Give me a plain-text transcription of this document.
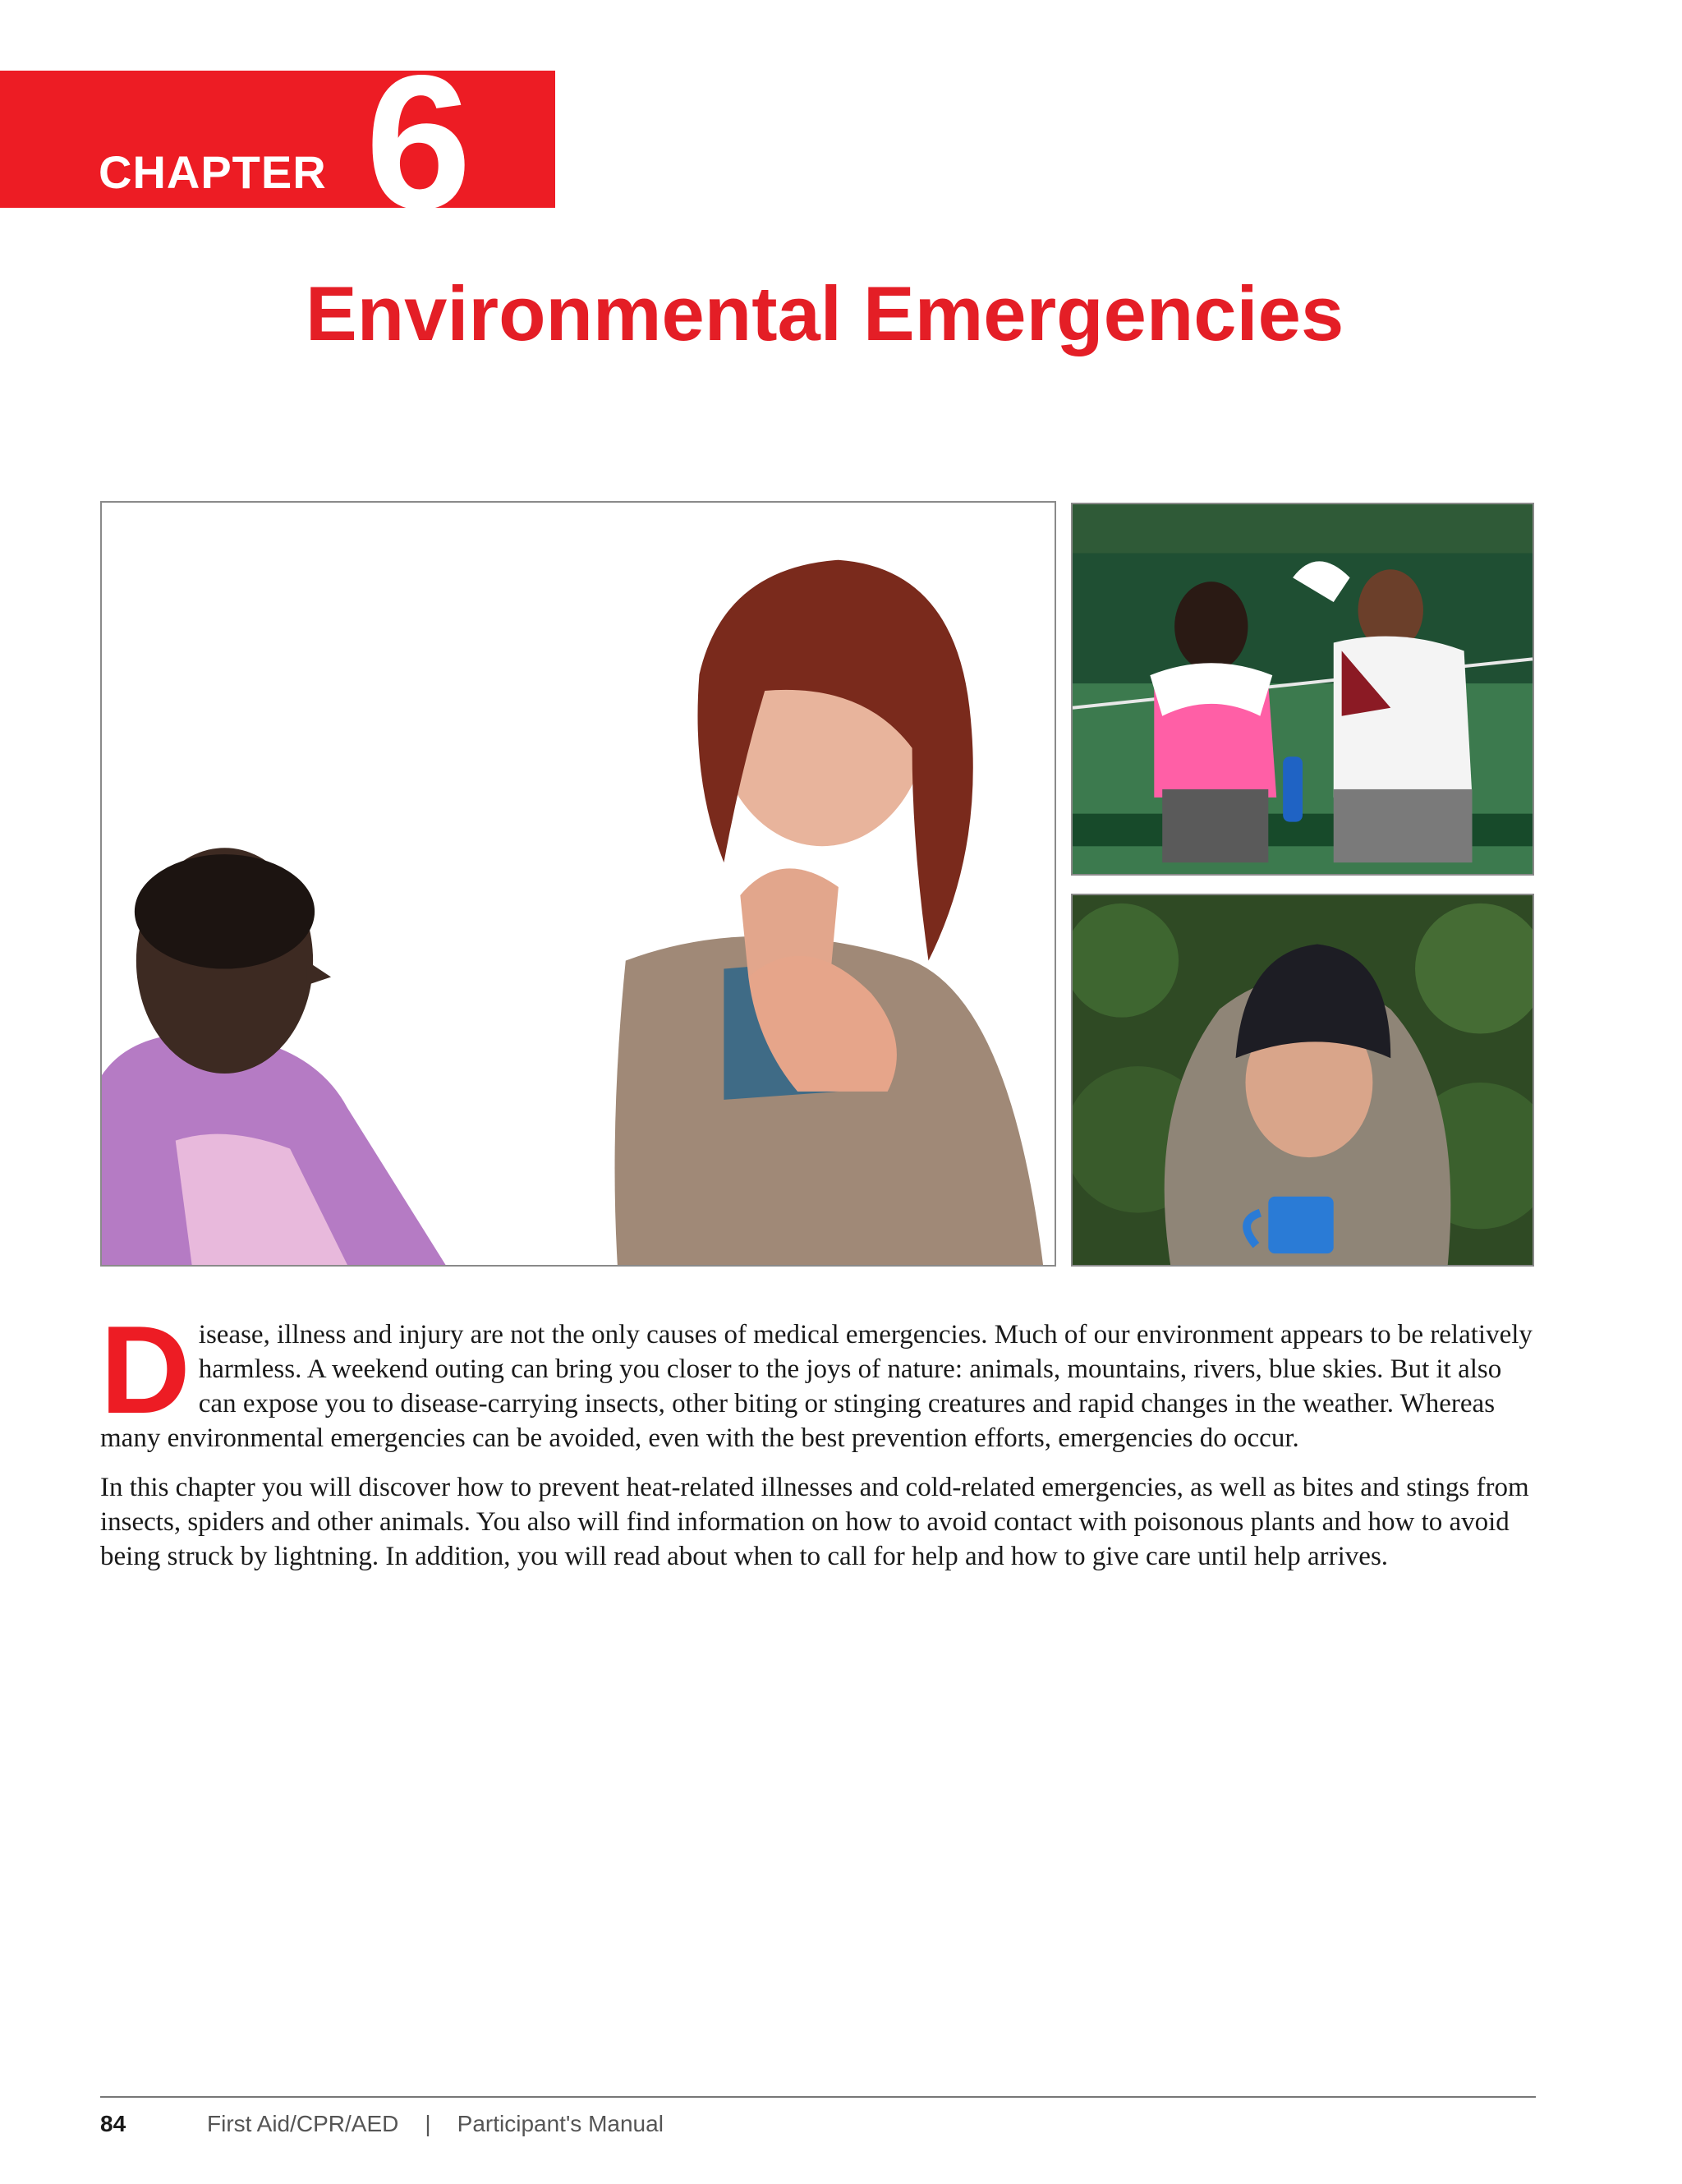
CHAPTER 6
Environmental Emergencies

Disease, illness and injury are not the only causes of medical emergencies. Much of our environment appears to be relatively harmless. A weekend outing can bring you closer to the joys of nature: animals, mountains, rivers, blue skies. But it also can expose you to disease-carrying insects, other biting or stinging creatures and rapid changes in the weather. Whereas many environmental emergencies can be avoided, even with the best prevention efforts, emergencies do occur.

In this chapter you will discover how to prevent heat-related illnesses and cold-related emergencies, as well as bites and stings from insects, spiders and other animals. You also will find information on how to avoid contact with poisonous plants and how to avoid being struck by lightning. In addition, you will read about when to call for help and how to give care until help arrives.

84	First Aid/CPR/AED | Participant's Manual
